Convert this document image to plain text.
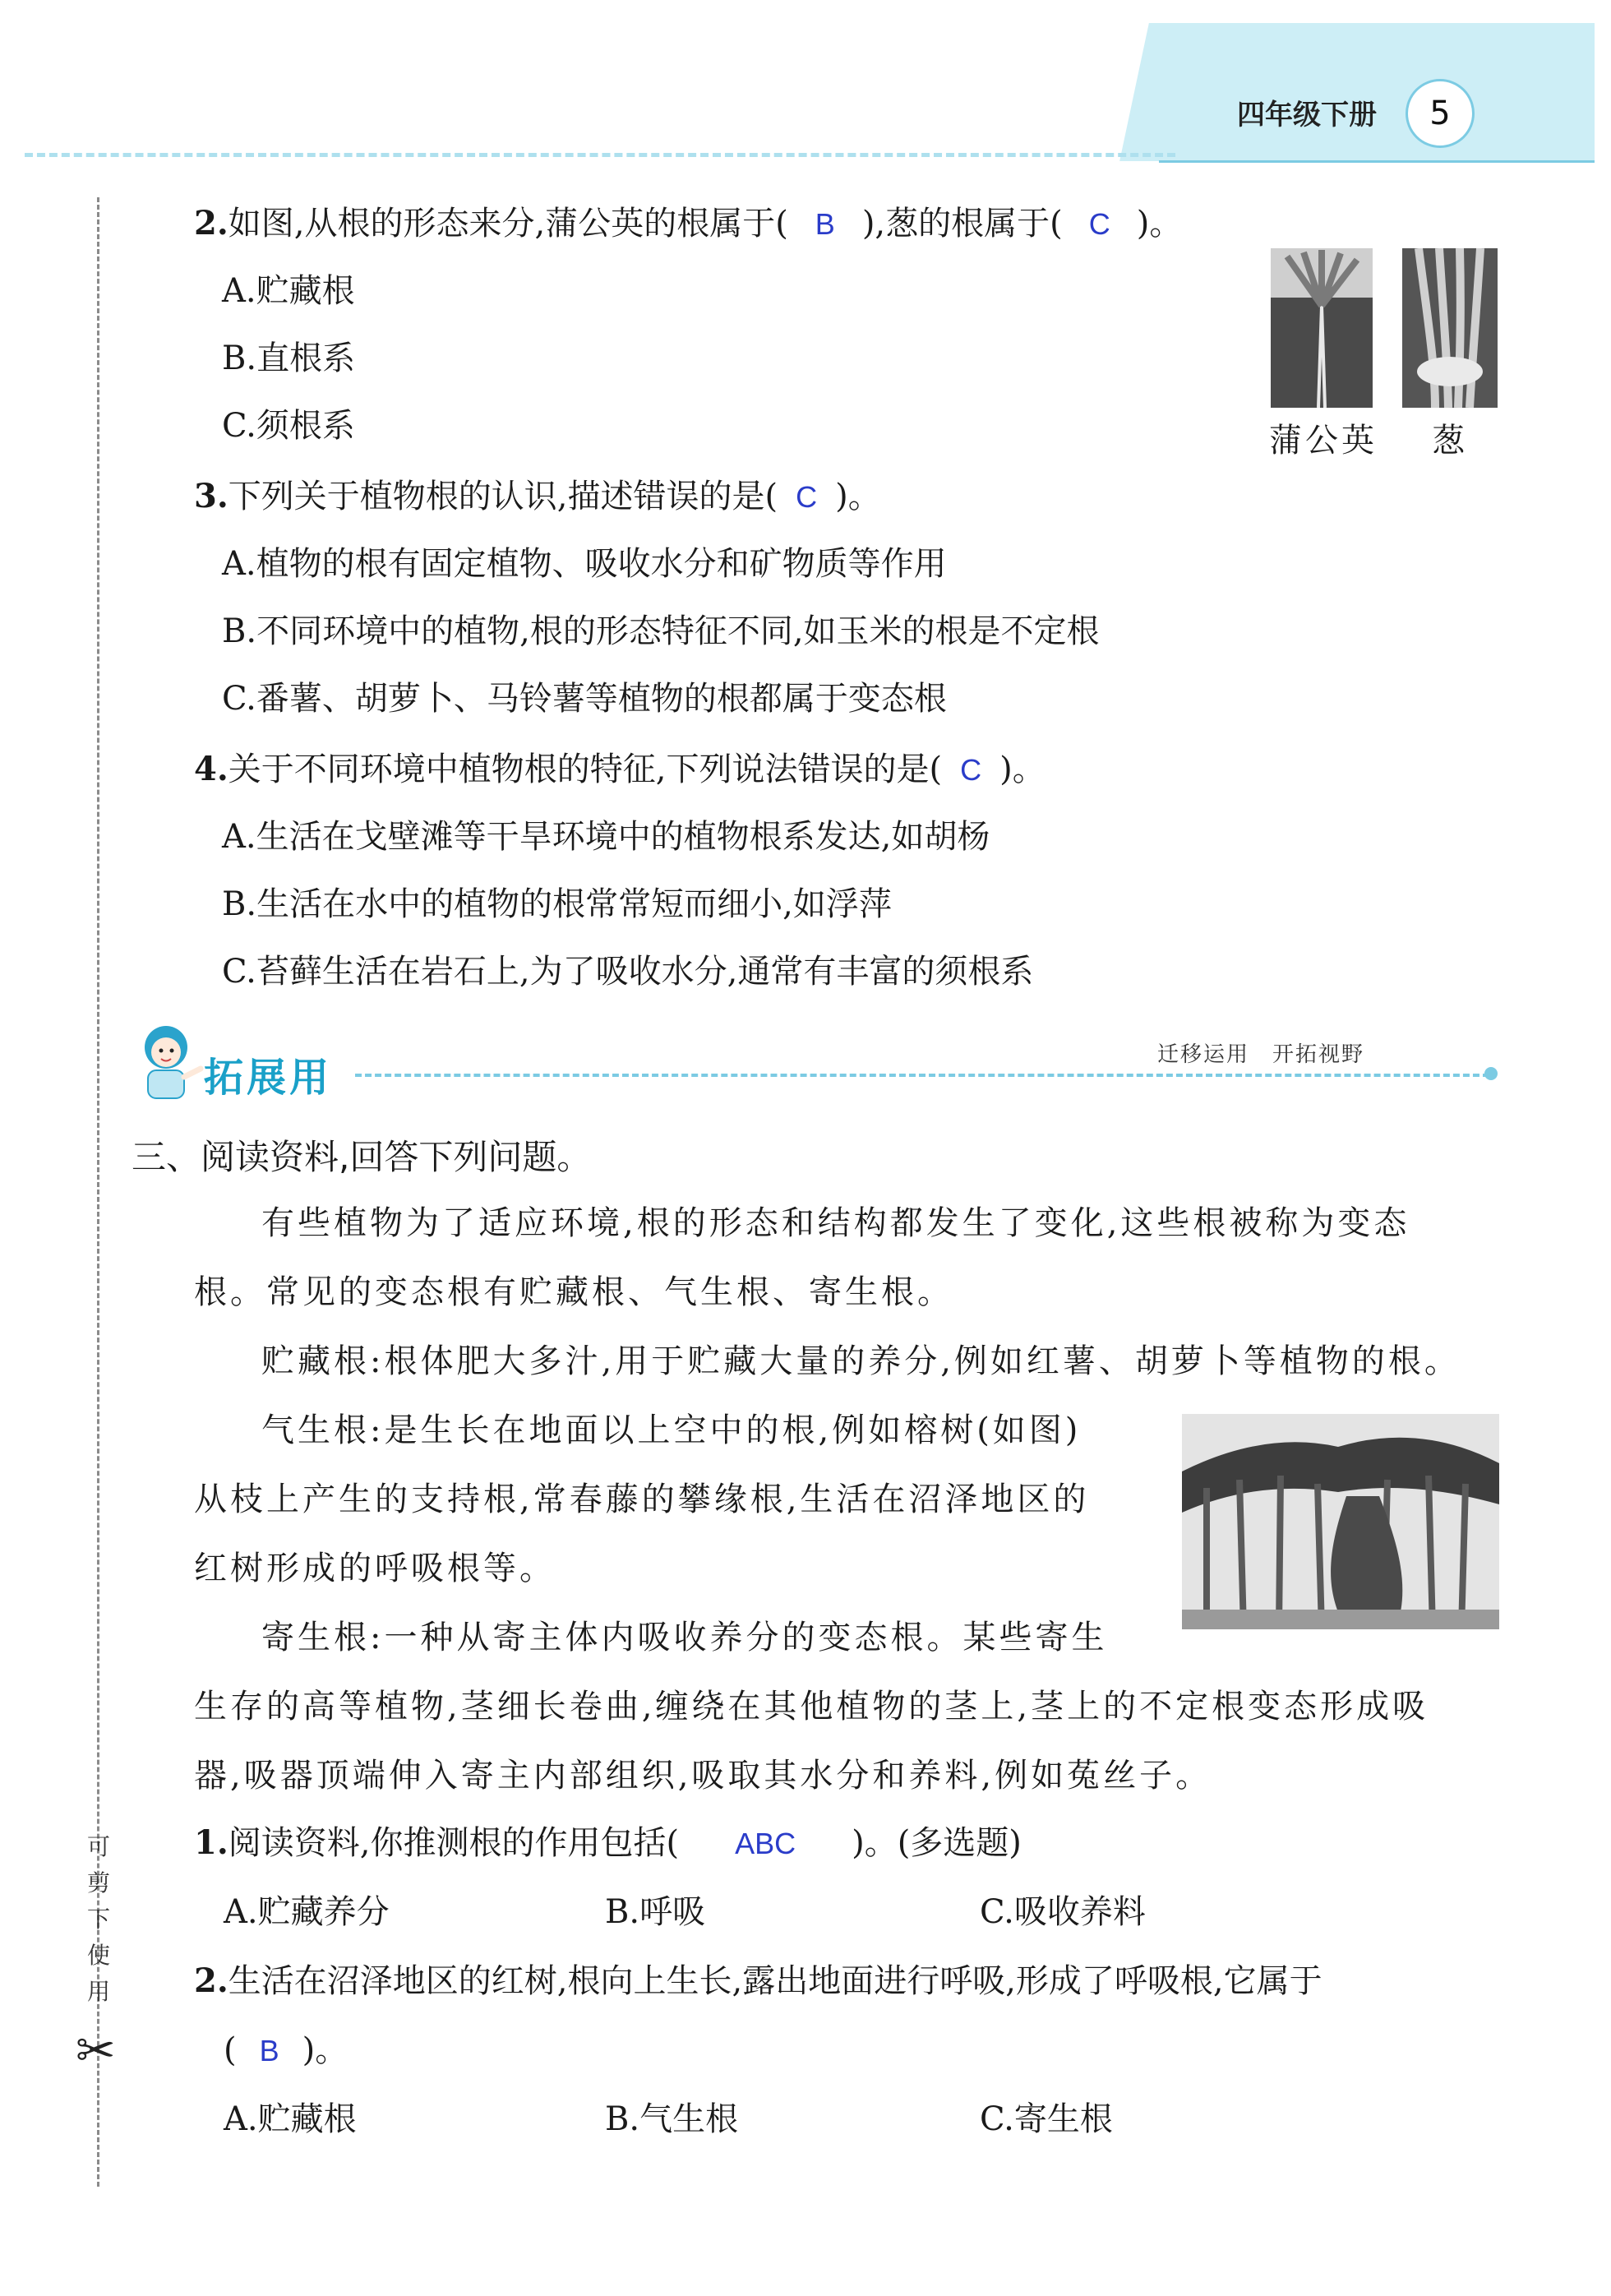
四年级下册	5
可剪下使用
✂
2.如图,从根的形态来分,蒲公英的根属于( B ),葱的根属于( C )。
A.贮藏根
B.直根系
C.须根系	蒲公英 葱
3.下列关于植物根的认识,描述错误的是( C )。
A.植物的根有固定植物、吸收水分和矿物质等作用
B.不同环境中的植物,根的形态特征不同,如玉米的根是不定根
C.番薯、胡萝卜、马铃薯等植物的根都属于变态根
4.关于不同环境中植物根的特征,下列说法错误的是( C )。
A.生活在戈壁滩等干旱环境中的植物根系发达,如胡杨
B.生活在水中的植物的根常常短而细小,如浮萍
C.苔藓生活在岩石上,为了吸收水分,通常有丰富的须根系
拓展用	迁移运用　开拓视野
三、阅读资料,回答下列问题。
有些植物为了适应环境,根的形态和结构都发生了变化,这些根被称为变态
根。常见的变态根有贮藏根、气生根、寄生根。
贮藏根:根体肥大多汁,用于贮藏大量的养分,例如红薯、胡萝卜等植物的根。
气生根:是生长在地面以上空中的根,例如榕树(如图)
从枝上产生的支持根,常春藤的攀缘根,生活在沼泽地区的
红树形成的呼吸根等。
寄生根:一种从寄主体内吸收养分的变态根。某些寄生
生存的高等植物,茎细长卷曲,缠绕在其他植物的茎上,茎上的不定根变态形成吸
器,吸器顶端伸入寄主内部组织,吸取其水分和养料,例如菟丝子。
1.阅读资料,你推测根的作用包括( ABC )。(多选题)
A.贮藏养分	B.呼吸	C.吸收养料
2.生活在沼泽地区的红树,根向上生长,露出地面进行呼吸,形成了呼吸根,它属于
( B )。
A.贮藏根	B.气生根	C.寄生根
